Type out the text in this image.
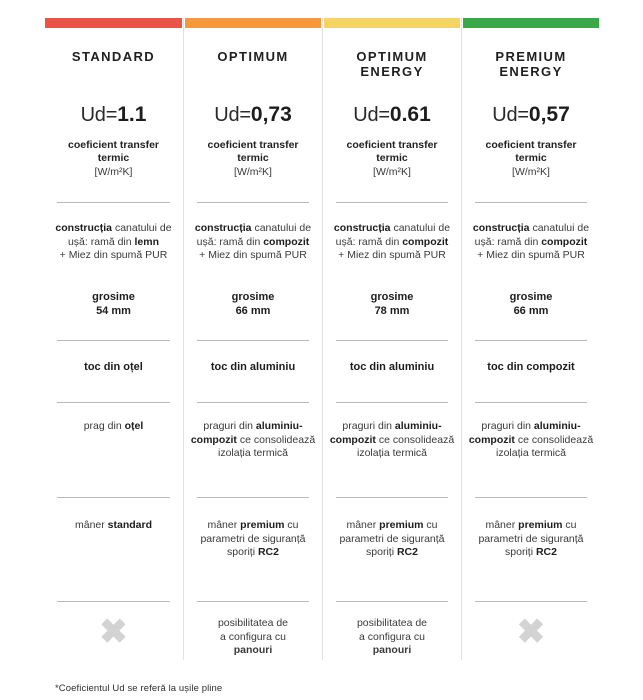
STANDARD
Ud=1.1
coeficient transfer termic
[W/m²K]

construcția canatului de ușă: ramă din lemn

+ Miez din spumă PUR

grosime
54 mm
toc din oțel

prag din oțel

mâner standard

✖
OPTIMUM
Ud=0,73
coeficient transfer termic
[W/m²K]

construcția canatului de ușă: ramă din compozit

+ Miez din spumă PUR

grosime
66 mm
toc din aluminiu

praguri din aluminiu-compozit ce consolidează izolația termică

mâner premium cu parametri de siguranță sporiți RC2

posibilitatea de
a configura cu
panouri
OPTIMUM ENERGY
Ud=0.61
coeficient transfer termic
[W/m²K]

construcția canatului de ușă: ramă din compozit

+ Miez din spumă PUR

grosime
78 mm
toc din aluminiu

praguri din aluminiu-compozit ce consolidează izolația termică

mâner premium cu parametri de siguranță sporiți RC2

posibilitatea de
a configura cu
panouri
PREMIUM ENERGY
Ud=0,57
coeficient transfer termic
[W/m²K]

construcția canatului de ușă: ramă din compozit

+ Miez din spumă PUR

grosime
66 mm
toc din compozit

praguri din aluminiu-compozit ce consolidează izolația termică

mâner premium cu parametri de siguranță sporiți RC2

✖
*Coeficientul Ud se referă la ușile pline
